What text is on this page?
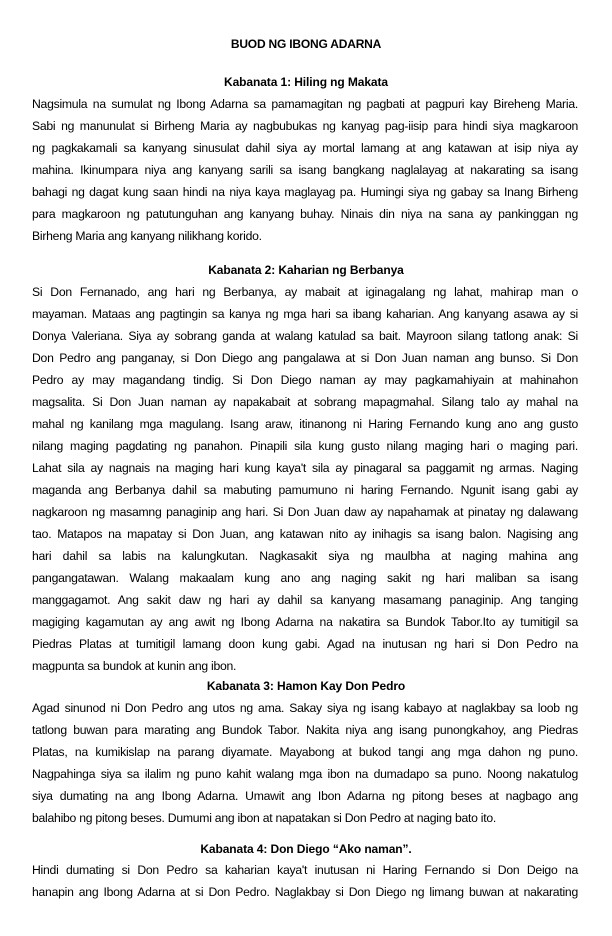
BUOD NG IBONG ADARNA
Kabanata 1: Hiling ng Makata
Nagsimula na sumulat ng Ibong Adarna sa pamamagitan ng pagbati at pagpuri kay Bireheng Maria.
Sabi ng manunulat si Birheng Maria ay nagbubukas ng kanyag pag-iisip para hindi siya magkaroon
ng pagkakamali sa kanyang sinusulat dahil siya ay mortal lamang at ang katawan at isip niya ay
mahina. Ikinumpara niya ang kanyang sarili sa isang bangkang naglalayag at nakarating sa isang
bahagi ng dagat kung saan hindi na niya kaya maglayag pa. Humingi siya ng gabay sa Inang Birheng
para magkaroon ng patutunguhan ang kanyang buhay. Ninais din niya na sana ay pankinggan ng
Birheng Maria ang kanyang nilikhang korido.
Kabanata 2: Kaharian ng Berbanya
Si Don Fernanado, ang hari ng Berbanya, ay mabait at iginagalang ng lahat, mahirap man o
mayaman. Mataas ang pagtingin sa kanya ng mga hari sa ibang kaharian. Ang kanyang asawa ay si
Donya Valeriana. Siya ay sobrang ganda at walang katulad sa bait. Mayroon silang tatlong anak: Si
Don Pedro ang panganay, si Don Diego ang pangalawa at si Don Juan naman ang bunso. Si Don
Pedro ay may magandang tindig. Si Don Diego naman ay may pagkamahiyain at mahinahon
magsalita. Si Don Juan naman ay napakabait at sobrang mapagmahal. Silang talo ay mahal na
mahal ng kanilang mga magulang. Isang araw, itinanong ni Haring Fernando kung ano ang gusto
nilang maging pagdating ng panahon. Pinapili sila kung gusto nilang maging hari o maging pari.
Lahat sila ay nagnais na maging hari kung kaya't sila ay pinagaral sa paggamit ng armas. Naging
maganda ang Berbanya dahil sa mabuting pamumuno ni haring Fernando. Ngunit isang gabi ay
nagkaroon ng masamng panaginip ang hari. Si Don Juan daw ay napahamak at pinatay ng dalawang
tao. Matapos na mapatay si Don Juan, ang katawan nito ay inihagis sa isang balon. Nagising ang
hari dahil sa labis na kalungkutan. Nagkasakit siya ng maulbha at naging mahina ang
pangangatawan. Walang makaalam kung ano ang naging sakit ng hari maliban sa isang
manggagamot. Ang sakit daw ng hari ay dahil sa kanyang masamang panaginip. Ang tanging
magiging kagamutan ay ang awit ng Ibong Adarna na nakatira sa Bundok Tabor.Ito ay tumitigil sa
Piedras Platas at tumitigil lamang doon kung gabi. Agad na inutusan ng hari si Don Pedro na
magpunta sa bundok at kunin ang ibon.
Kabanata 3: Hamon Kay Don Pedro
Agad sinunod ni Don Pedro ang utos ng ama. Sakay siya ng isang kabayo at naglakbay sa loob ng
tatlong buwan para marating ang Bundok Tabor. Nakita niya ang isang punongkahoy, ang Piedras
Platas, na kumikislap na parang diyamate. Mayabong at bukod tangi ang mga dahon ng puno.
Nagpahinga siya sa ilalim ng puno kahit walang mga ibon na dumadapo sa puno. Noong nakatulog
siya dumating na ang Ibong Adarna. Umawit ang Ibon Adarna ng pitong beses at nagbago ang
balahibo ng pitong beses. Dumumi ang ibon at napatakan si Don Pedro at naging bato ito.
Kabanata 4: Don Diego “Ako naman”.
Hindi dumating si Don Pedro sa kaharian kaya't inutusan ni Haring Fernando si Don Deigo na
hanapin ang Ibong Adarna at si Don Pedro. Naglakbay si Don Diego ng limang buwan at nakarating
